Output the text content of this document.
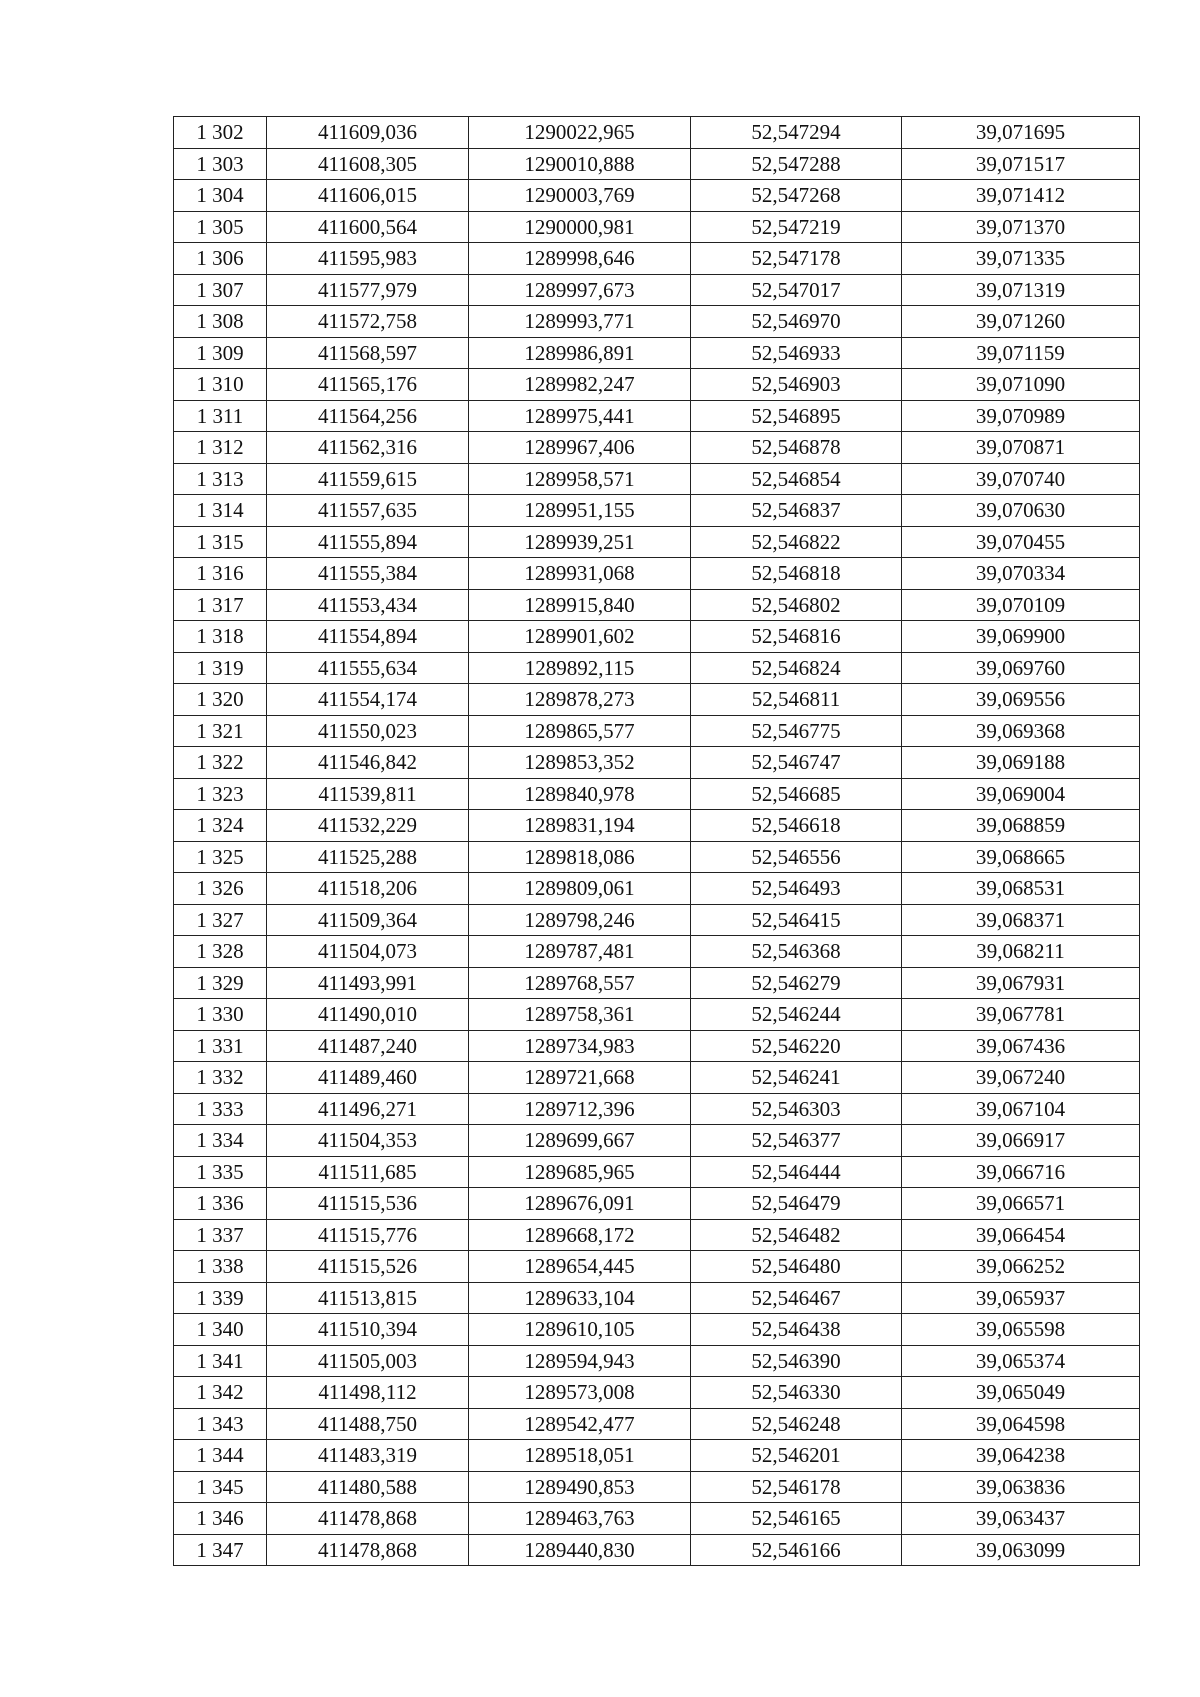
1 302	411609,036	1290022,965	52,547294	39,071695
1 303	411608,305	1290010,888	52,547288	39,071517
1 304	411606,015	1290003,769	52,547268	39,071412
1 305	411600,564	1290000,981	52,547219	39,071370
1 306	411595,983	1289998,646	52,547178	39,071335
1 307	411577,979	1289997,673	52,547017	39,071319
1 308	411572,758	1289993,771	52,546970	39,071260
1 309	411568,597	1289986,891	52,546933	39,071159
1 310	411565,176	1289982,247	52,546903	39,071090
1 311	411564,256	1289975,441	52,546895	39,070989
1 312	411562,316	1289967,406	52,546878	39,070871
1 313	411559,615	1289958,571	52,546854	39,070740
1 314	411557,635	1289951,155	52,546837	39,070630
1 315	411555,894	1289939,251	52,546822	39,070455
1 316	411555,384	1289931,068	52,546818	39,070334
1 317	411553,434	1289915,840	52,546802	39,070109
1 318	411554,894	1289901,602	52,546816	39,069900
1 319	411555,634	1289892,115	52,546824	39,069760
1 320	411554,174	1289878,273	52,546811	39,069556
1 321	411550,023	1289865,577	52,546775	39,069368
1 322	411546,842	1289853,352	52,546747	39,069188
1 323	411539,811	1289840,978	52,546685	39,069004
1 324	411532,229	1289831,194	52,546618	39,068859
1 325	411525,288	1289818,086	52,546556	39,068665
1 326	411518,206	1289809,061	52,546493	39,068531
1 327	411509,364	1289798,246	52,546415	39,068371
1 328	411504,073	1289787,481	52,546368	39,068211
1 329	411493,991	1289768,557	52,546279	39,067931
1 330	411490,010	1289758,361	52,546244	39,067781
1 331	411487,240	1289734,983	52,546220	39,067436
1 332	411489,460	1289721,668	52,546241	39,067240
1 333	411496,271	1289712,396	52,546303	39,067104
1 334	411504,353	1289699,667	52,546377	39,066917
1 335	411511,685	1289685,965	52,546444	39,066716
1 336	411515,536	1289676,091	52,546479	39,066571
1 337	411515,776	1289668,172	52,546482	39,066454
1 338	411515,526	1289654,445	52,546480	39,066252
1 339	411513,815	1289633,104	52,546467	39,065937
1 340	411510,394	1289610,105	52,546438	39,065598
1 341	411505,003	1289594,943	52,546390	39,065374
1 342	411498,112	1289573,008	52,546330	39,065049
1 343	411488,750	1289542,477	52,546248	39,064598
1 344	411483,319	1289518,051	52,546201	39,064238
1 345	411480,588	1289490,853	52,546178	39,063836
1 346	411478,868	1289463,763	52,546165	39,063437
1 347	411478,868	1289440,830	52,546166	39,063099
